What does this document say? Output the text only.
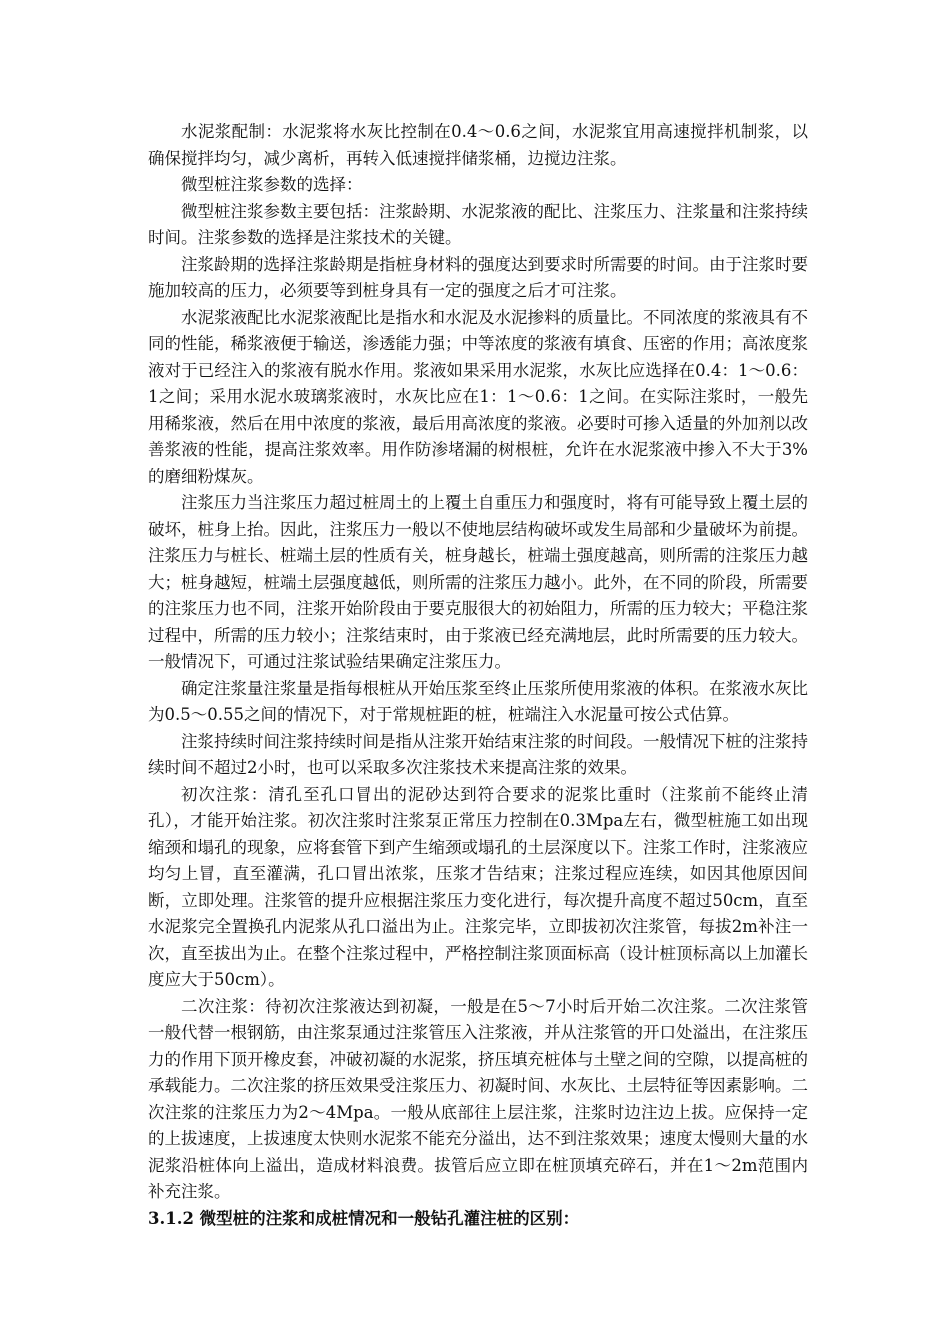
水泥浆配制：水泥浆将水灰比控制在0.4～0.6之间，水泥浆宜用高速搅拌机制浆，以确保搅拌均匀，减少离析，再转入低速搅拌储浆桶，边搅边注浆。

微型桩注浆参数的选择：

微型桩注浆参数主要包括：注浆龄期、水泥浆液的配比、注浆压力、注浆量和注浆持续时间。注浆参数的选择是注浆技术的关键。

注浆龄期的选择注浆龄期是指桩身材料的强度达到要求时所需要的时间。由于注浆时要施加较高的压力，必须要等到桩身具有一定的强度之后才可注浆。

水泥浆液配比水泥浆液配比是指水和水泥及水泥掺料的质量比。不同浓度的浆液具有不同的性能，稀浆液便于输送，渗透能力强；中等浓度的浆液有填食、压密的作用；高浓度浆液对于已经注入的浆液有脱水作用。浆液如果采用水泥浆，水灰比应选择在0.4：1～0.6：1之间；采用水泥水玻璃浆液时，水灰比应在1：1～0.6：1之间。在实际注浆时，一般先用稀浆液，然后在用中浓度的浆液，最后用高浓度的浆液。必要时可掺入适量的外加剂以改善浆液的性能，提高注浆效率。用作防渗堵漏的树根桩，允许在水泥浆液中掺入不大于3%的磨细粉煤灰。

注浆压力当注浆压力超过桩周土的上覆土自重压力和强度时，将有可能导致上覆土层的破坏，桩身上抬。因此，注浆压力一般以不使地层结构破坏或发生局部和少量破坏为前提。注浆压力与桩长、桩端土层的性质有关，桩身越长，桩端土强度越高，则所需的注浆压力越大；桩身越短，桩端土层强度越低，则所需的注浆压力越小。此外，在不同的阶段，所需要的注浆压力也不同，注浆开始阶段由于要克服很大的初始阻力，所需的压力较大；平稳注浆过程中，所需的压力较小；注浆结束时，由于浆液已经充满地层，此时所需要的压力较大。一般情况下，可通过注浆试验结果确定注浆压力。

确定注浆量注浆量是指每根桩从开始压浆至终止压浆所使用浆液的体积。在浆液水灰比为0.5～0.55之间的情况下，对于常规桩距的桩，桩端注入水泥量可按公式估算。

注浆持续时间注浆持续时间是指从注浆开始结束注浆的时间段。一般情况下桩的注浆持续时间不超过2小时，也可以采取多次注浆技术来提高注浆的效果。

初次注浆：清孔至孔口冒出的泥砂达到符合要求的泥浆比重时（注浆前不能终止清孔），才能开始注浆。初次注浆时注浆泵正常压力控制在0.3Mpa左右，微型桩施工如出现缩颈和塌孔的现象，应将套管下到产生缩颈或塌孔的土层深度以下。注浆工作时，注浆液应均匀上冒，直至灌满，孔口冒出浓浆，压浆才告结束；注浆过程应连续，如因其他原因间断，立即处理。注浆管的提升应根据注浆压力变化进行，每次提升高度不超过50cm，直至水泥浆完全置换孔内泥浆从孔口溢出为止。注浆完毕，立即拔初次注浆管，每拔2m补注一次，直至拔出为止。在整个注浆过程中，严格控制注浆顶面标高（设计桩顶标高以上加灌长度应大于50cm）。

二次注浆：待初次注浆液达到初凝，一般是在5～7小时后开始二次注浆。二次注浆管一般代替一根钢筋，由注浆泵通过注浆管压入注浆液，并从注浆管的开口处溢出，在注浆压力的作用下顶开橡皮套，冲破初凝的水泥浆，挤压填充桩体与土壁之间的空隙，以提高桩的承载能力。二次注浆的挤压效果受注浆压力、初凝时间、水灰比、土层特征等因素影响。二次注浆的注浆压力为2～4Mpa。一般从底部往上层注浆，注浆时边注边上拔。应保持一定的上拔速度，上拔速度太快则水泥浆不能充分溢出，达不到注浆效果；速度太慢则大量的水泥浆沿桩体向上溢出，造成材料浪费。拔管后应立即在桩顶填充碎石，并在1～2m范围内补充注浆。

3.1.2 微型桩的注浆和成桩情况和一般钻孔灌注桩的区别：
